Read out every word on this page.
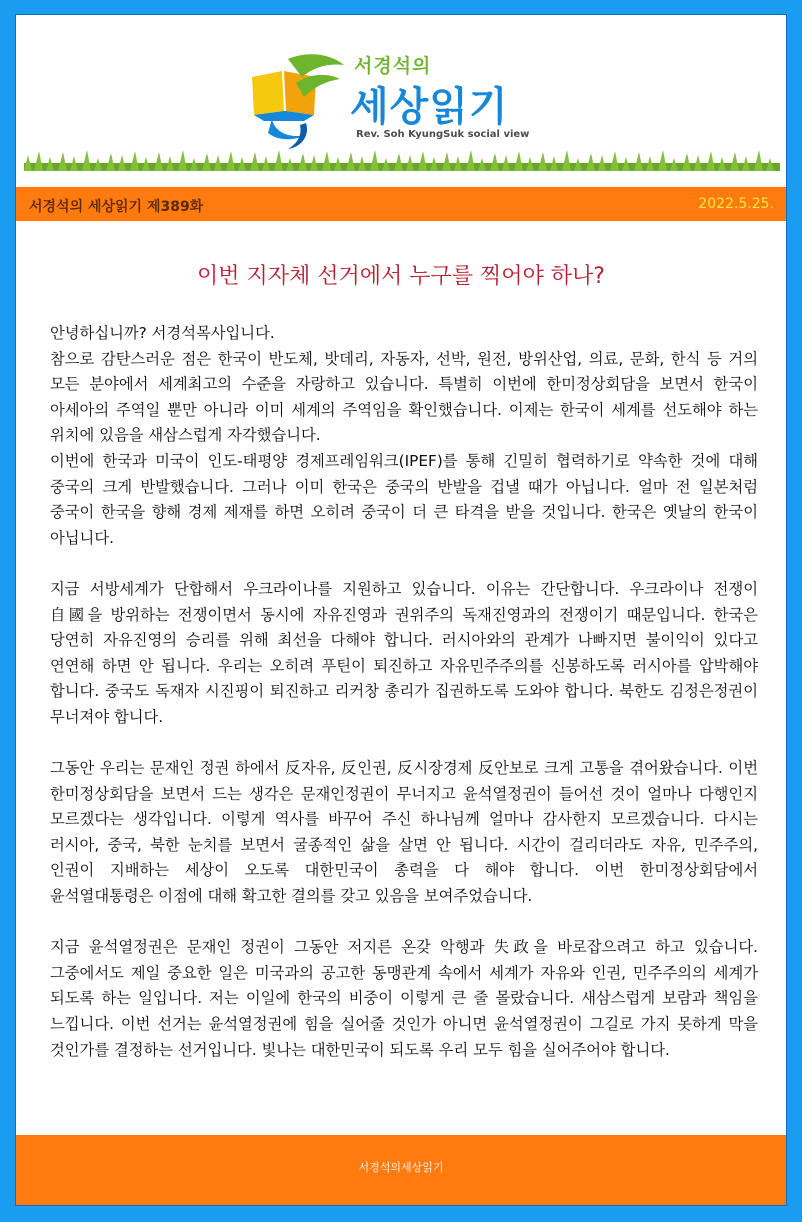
서경석의
세상읽기
Rev. Soh KyungSuk social view
서경석의 세상읽기 제389화	2022.5.25.
이번 지자체 선거에서 누구를 찍어야 하나?

안녕하십니까? 서경석목사입니다.

참으로 감탄스러운 점은 한국이 반도체, 밧데리, 자동자, 선박, 원전, 방위산업, 의료, 문화, 한식 등 거의 모든 분야에서 세계최고의 수준을 자랑하고 있습니다. 특별히 이번에 한미정상회담을 보면서 한국이 아세아의 주역일 뿐만 아니라 이미 세계의 주역임을 확인했습니다. 이제는 한국이 세계를 선도해야 하는 위치에 있음을 새삼스럽게 자각했습니다.

이번에 한국과 미국이 인도-태평양 경제프레임워크(IPEF)를 통해 긴밀히 협력하기로 약속한 것에 대해 중국의 크게 반발했습니다. 그러나 이미 한국은 중국의 반발을 겁낼 때가 아닙니다. 얼마 전 일본처럼 중국이 한국을 향해 경제 제재를 하면 오히려 중국이 더 큰 타격을 받을 것입니다. 한국은 옛날의 한국이 아닙니다.

지금 서방세계가 단합해서 우크라이나를 지원하고 있습니다. 이유는 간단합니다. 우크라이나 전쟁이 自國을 방위하는 전쟁이면서 동시에 자유진영과 권위주의 독재진영과의 전쟁이기 때문입니다. 한국은 당연히 자유진영의 승리를 위해 최선을 다해야 합니다. 러시아와의 관계가 나빠지면 불이익이 있다고 연연해 하면 안 됩니다. 우리는 오히려 푸틴이 퇴진하고 자유민주주의를 신봉하도록 러시아를 압박해야 합니다. 중국도 독재자 시진핑이 퇴진하고 리커창 총리가 집권하도록 도와야 합니다. 북한도 김정은정권이 무너져야 합니다.

그동안 우리는 문재인 정권 하에서 反자유, 反인권, 反시장경제 反안보로 크게 고통을 겪어왔습니다. 이번 한미정상회담을 보면서 드는 생각은 문재인정권이 무너지고 윤석열정권이 들어선 것이 얼마나 다행인지 모르겠다는 생각입니다. 이렇게 역사를 바꾸어 주신 하나님께 얼마나 감사한지 모르겠습니다. 다시는 러시아, 중국, 북한 눈치를 보면서 굴종적인 삶을 살면 안 됩니다. 시간이 걸리더라도 자유, 민주주의, 인권이 지배하는 세상이 오도록 대한민국이 총력을 다 해야 합니다. 이번 한미정상회담에서 윤석열대통령은 이점에 대해 확고한 결의를 갖고 있음을 보여주었습니다.

지금 윤석열정권은 문재인 정권이 그동안 저지른 온갖 악행과 失政을 바로잡으려고 하고 있습니다. 그중에서도 제일 중요한 일은 미국과의 공고한 동맹관계 속에서 세계가 자유와 인권, 민주주의의 세계가 되도록 하는 일입니다. 저는 이일에 한국의 비중이 이렇게 큰 줄 몰랐습니다. 새삼스럽게 보람과 책임을 느낍니다. 이번 선거는 윤석열정권에 힘을 실어줄 것인가 아니면 윤석열정권이 그길로 가지 못하게 막을 것인가를 결정하는 선거입니다. 빛나는 대한민국이 되도록 우리 모두 힘을 실어주어야 합니다.

서경석의세상읽기
